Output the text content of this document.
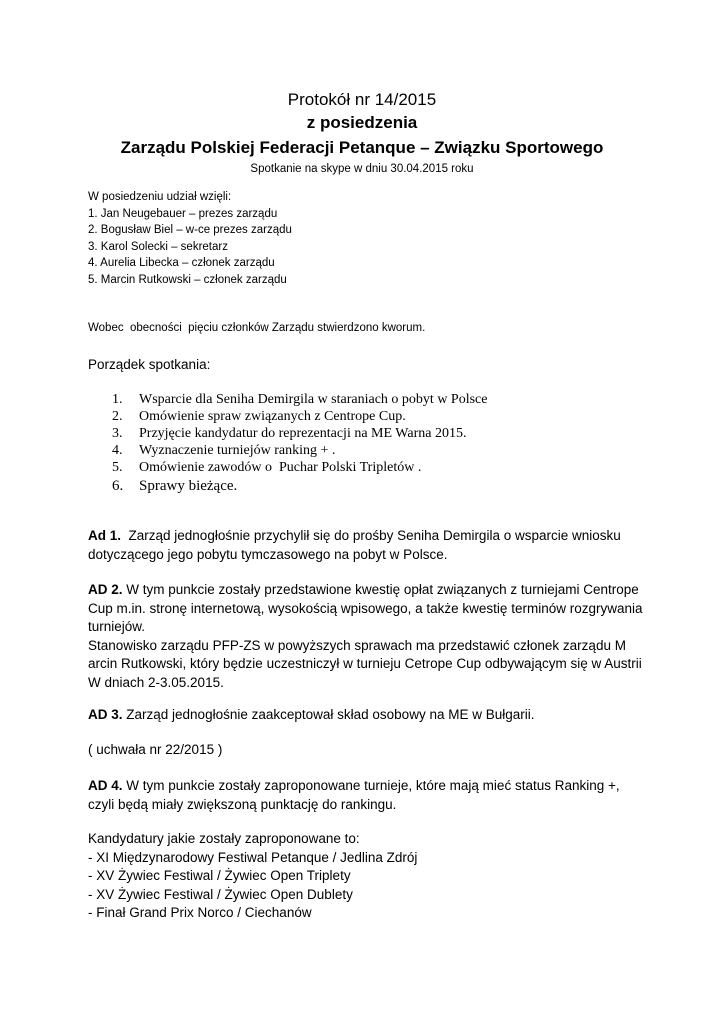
Protokół nr 14/2015
z posiedzenia
Zarządu Polskiej Federacji Petanque – Związku Sportowego
Spotkanie na skype w dniu 30.04.2015 roku
W posiedzeniu udział wzięli:
1. Jan Neugebauer – prezes zarządu
2. Bogusław Biel – w-ce prezes zarządu
3. Karol Solecki – sekretarz
4. Aurelia Libecka – członek zarządu
5. Marcin Rutkowski – członek zarządu
Wobec  obecności  pięciu członków Zarządu stwierdzono kworum.
Porządek spotkania:
1. Wsparcie dla Seniha Demirgila w staraniach o pobyt w Polsce
2. Omówienie spraw związanych z Centrope Cup.
3. Przyjęcie kandydatur do reprezentacji na ME Warna 2015.
4. Wyznaczenie turniejów ranking + .
5. Omówienie zawodów o  Puchar Polski Tripletów .
6. Sprawy bieżące.

Ad 1.  Zarząd jednogłośnie przychylił się do prośby Seniha Demirgila o wsparcie wniosku dotyczącego jego pobytu tymczasowego na pobyt w Polsce.

AD 2. W tym punkcie zostały przedstawione kwestię opłat związanych z turniejami Centrope Cup m.in. stronę internetową, wysokością wpisowego, a także kwestię terminów rozgrywania turniejów.

Stanowisko zarządu PFP-ZS w powyższych sprawach ma przedstawić członek zarządu M arcin Rutkowski, który będzie uczestniczył w turnieju Cetrope Cup odbywającym się w Austrii W dniach 2-3.05.2015.

AD 3. Zarząd jednogłośnie zaakceptował skład osobowy na ME w Bułgarii.

( uchwała nr 22/2015 )

AD 4. W tym punkcie zostały zaproponowane turnieje, które mają mieć status Ranking +, czyli będą miały zwiększoną punktację do rankingu.

Kandydatury jakie zostały zaproponowane to:
- XI Międzynarodowy Festiwal Petanque / Jedlina Zdrój
- XV Żywiec Festiwal / Żywiec Open Triplety
- XV Żywiec Festiwal / Żywiec Open Dublety
- Finał Grand Prix Norco / Ciechanów
